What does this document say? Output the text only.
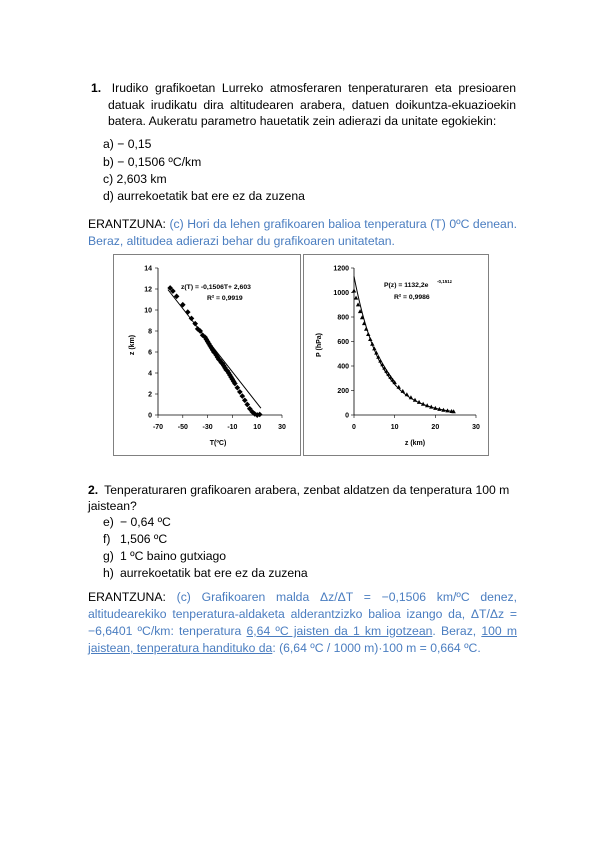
1. Irudiko grafikoetan Lurreko atmosferaren tenperaturaren eta presioaren
datuak irudikatu dira altitudearen arabera, datuen doikuntza-ekuazioekin
batera. Aukeratu parametro hauetatik zein adierazi da unitate egokiekin:
a) − 0,15
b) − 0,1506 ºC/km
c) 2,603 km
d) aurrekoetatik bat ere ez da zuzena
ERANTZUNA: (c) Hori da lehen grafikoaren balioa tenperatura (T) 0ºC denean. Beraz, altitudea adierazi behar du grafikoaren unitatetan.
0
2
4
6
8
10
12
14
-70 -50 -30 -10 10 30
z(T) = -0,1506T+ 2,603
R² = 0,9919
T(ºC)
z (km)
0
200
400
600
800
1000
1200
0	10	20	30
P(z) = 1132,2e
-0,151z
R² = 0,9986
z (km)
P (hPa)
2. Tenperaturaren grafikoaren arabera, zenbat aldatzen da tenperatura 100 m jaistean?
e) − 0,64 ºC
f) 1,506 ºC
g) 1 ºC baino gutxiago
h) aurrekoetatik bat ere ez da zuzena
ERANTZUNA: (c) Grafikoaren malda Δz/ΔT = −0,1506 km/ºC denez, altitudearekiko tenperatura-aldaketa alderantzizko balioa izango da, ΔT/Δz = −6,6401 ºC/km: tenperatura 6,64 ºC jaisten da 1 km igotzean. Beraz, 100 m jaistean, tenperatura handituko da: (6,64 ºC / 1000 m)·100 m = 0,664 ºC.
